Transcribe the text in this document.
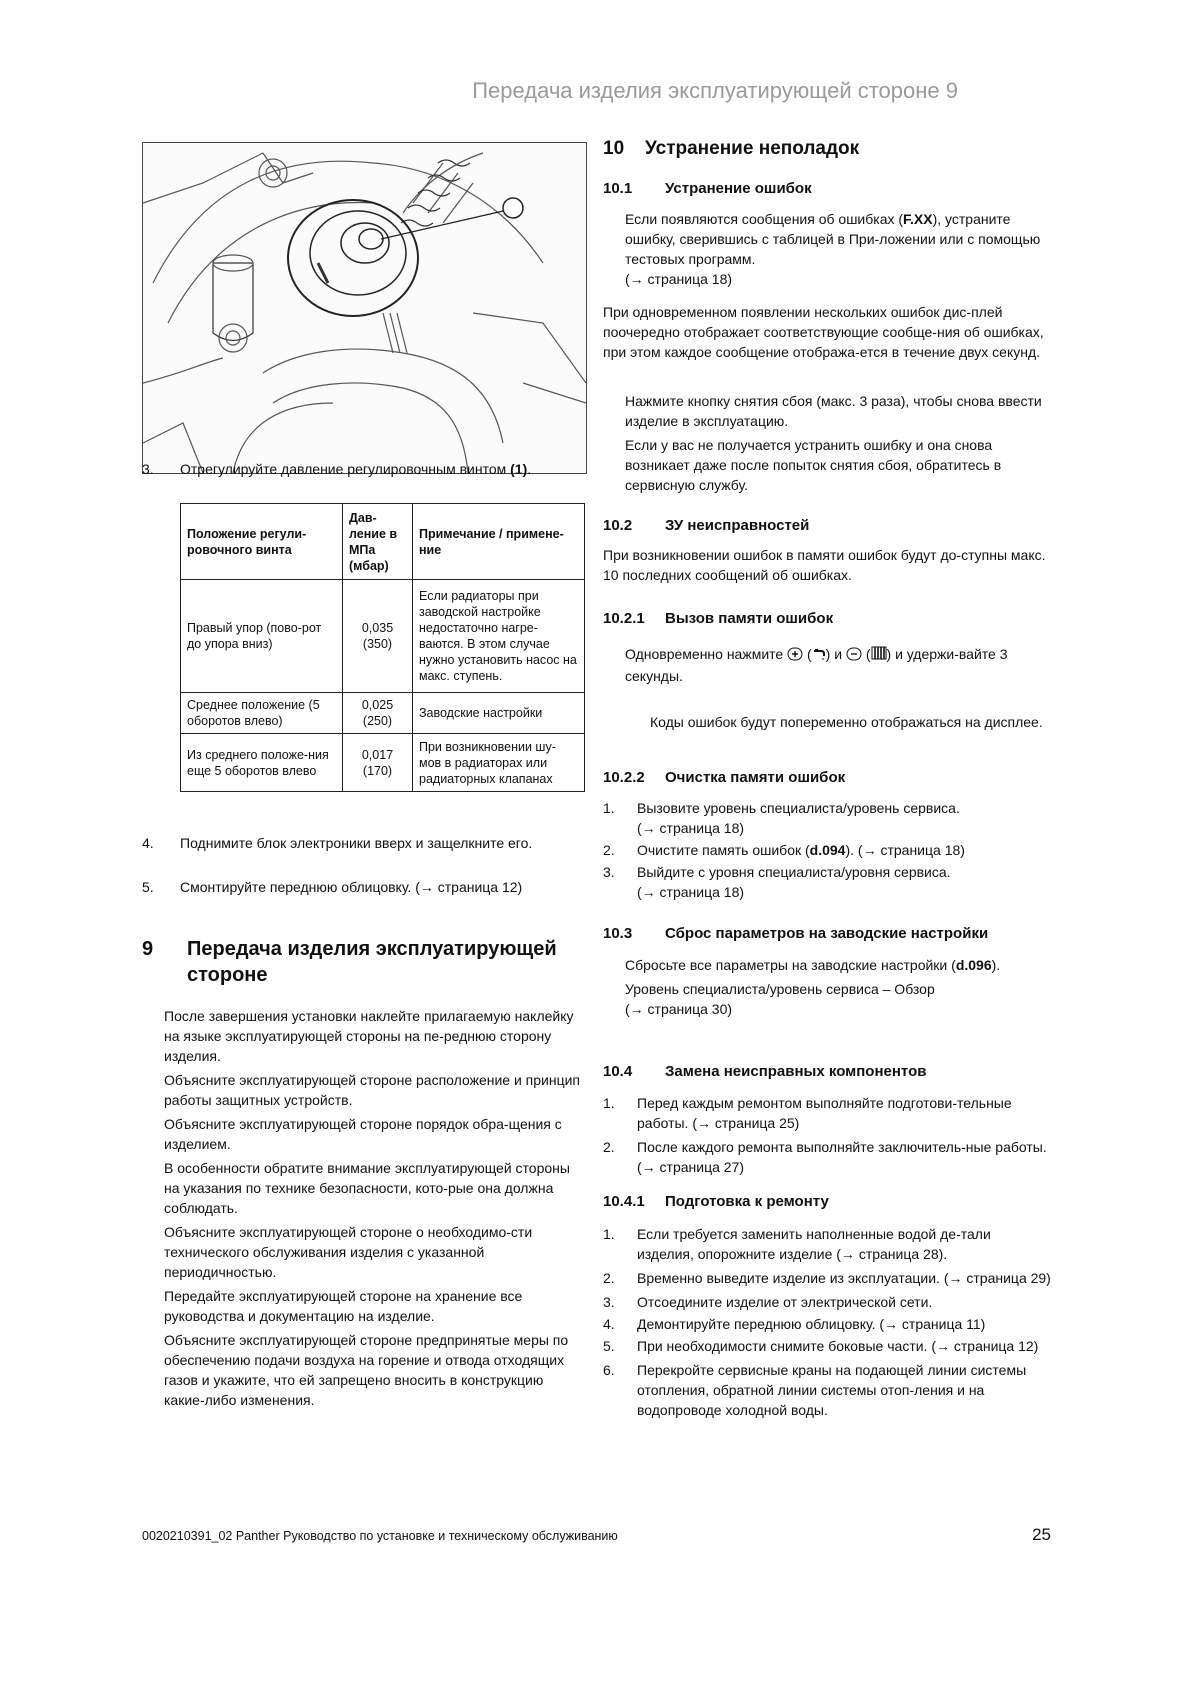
Передача изделия эксплуатирующей стороне 9

3. Отрегулируйте давление регулировочным винтом (1).

Положение регули-ровочного винта	Дав-ление в МПа (мбар)	Примечание / примене-ние
Правый упор (пово-рот до упора вниз)	0,035 (350)	Если радиаторы при заводской настройке недостаточно нагре-ваются. В этом случае нужно установить насос на макс. ступень.
Среднее положение (5 оборотов влево)	0,025 (250)	Заводские настройки
Из среднего положе-ния еще 5 оборотов влево	0,017 (170)	При возникновении шу-мов в радиаторах или радиаторных клапанах

4. Поднимите блок электроники вверх и защелкните его.

5. Смонтируйте переднюю облицовку. (→ страница 12)

9 Передача изделия эксплуатирующей стороне

После завершения установки наклейте прилагаемую наклейку на языке эксплуатирующей стороны на пе-реднюю сторону изделия.

Объясните эксплуатирующей стороне расположение и принцип работы защитных устройств.

Объясните эксплуатирующей стороне порядок обра-щения с изделием.

В особенности обратите внимание эксплуатирующей стороны на указания по технике безопасности, кото-рые она должна соблюдать.

Объясните эксплуатирующей стороне о необходимо-сти технического обслуживания изделия с указанной периодичностью.

Передайте эксплуатирующей стороне на хранение все руководства и документацию на изделие.

Объясните эксплуатирующей стороне предпринятые меры по обеспечению подачи воздуха на горение и отвода отходящих газов и укажите, что ей запрещено вносить в конструкцию какие-либо изменения.

10 Устранение неполадок
10.1 Устранение ошибок

Если появляются сообщения об ошибках (F.XX), устраните ошибку, сверившись с таблицей в При-ложении или с помощью тестовых программ.
(→ страница 18)

При одновременном появлении нескольких ошибок дис-плей поочередно отображает соответствующие сообще-ния об ошибках, при этом каждое сообщение отобража-ется в течение двух секунд.

Нажмите кнопку снятия сбоя (макс. 3 раза), чтобы снова ввести изделие в эксплуатацию.

Если у вас не получается устранить ошибку и она снова возникает даже после попыток снятия сбоя, обратитесь в сервисную службу.

10.2 ЗУ неисправностей

При возникновении ошибок в памяти ошибок будут до-ступны макс. 10 последних сообщений об ошибках.

10.2.1 Вызов памяти ошибок

Одновременно нажмите ( ) и ( ) и удержи-вайте 3 секунды.

Коды ошибок будут попеременно отображаться на дисплее.

10.2.2 Очистка памяти ошибок

1. Вызовите уровень специалиста/уровень сервиса.
(→ страница 18)

2. Очистите память ошибок (d.094). (→ страница 18)

3. Выйдите с уровня специалиста/уровня сервиса.
(→ страница 18)

10.3 Сброс параметров на заводские настройки

Сбросьте все параметры на заводские настройки (d.096).

Уровень специалиста/уровень сервиса – Обзор
(→ страница 30)

10.4 Замена неисправных компонентов

1. Перед каждым ремонтом выполняйте подготови-тельные работы. (→ страница 25)

2. После каждого ремонта выполняйте заключитель-ные работы. (→ страница 27)

10.4.1 Подготовка к ремонту

1. Если требуется заменить наполненные водой де-тали изделия, опорожните изделие (→ страница 28).

2. Временно выведите изделие из эксплуатации. (→ страница 29)

3. Отсоедините изделие от электрической сети.

4. Демонтируйте переднюю облицовку. (→ страница 11)

5. При необходимости снимите боковые части. (→ страница 12)

6. Перекройте сервисные краны на подающей линии системы отопления, обратной линии системы отоп-ления и на водопроводе холодной воды.

0020210391_02 Panther Руководство по установке и техническому обслуживанию	25
